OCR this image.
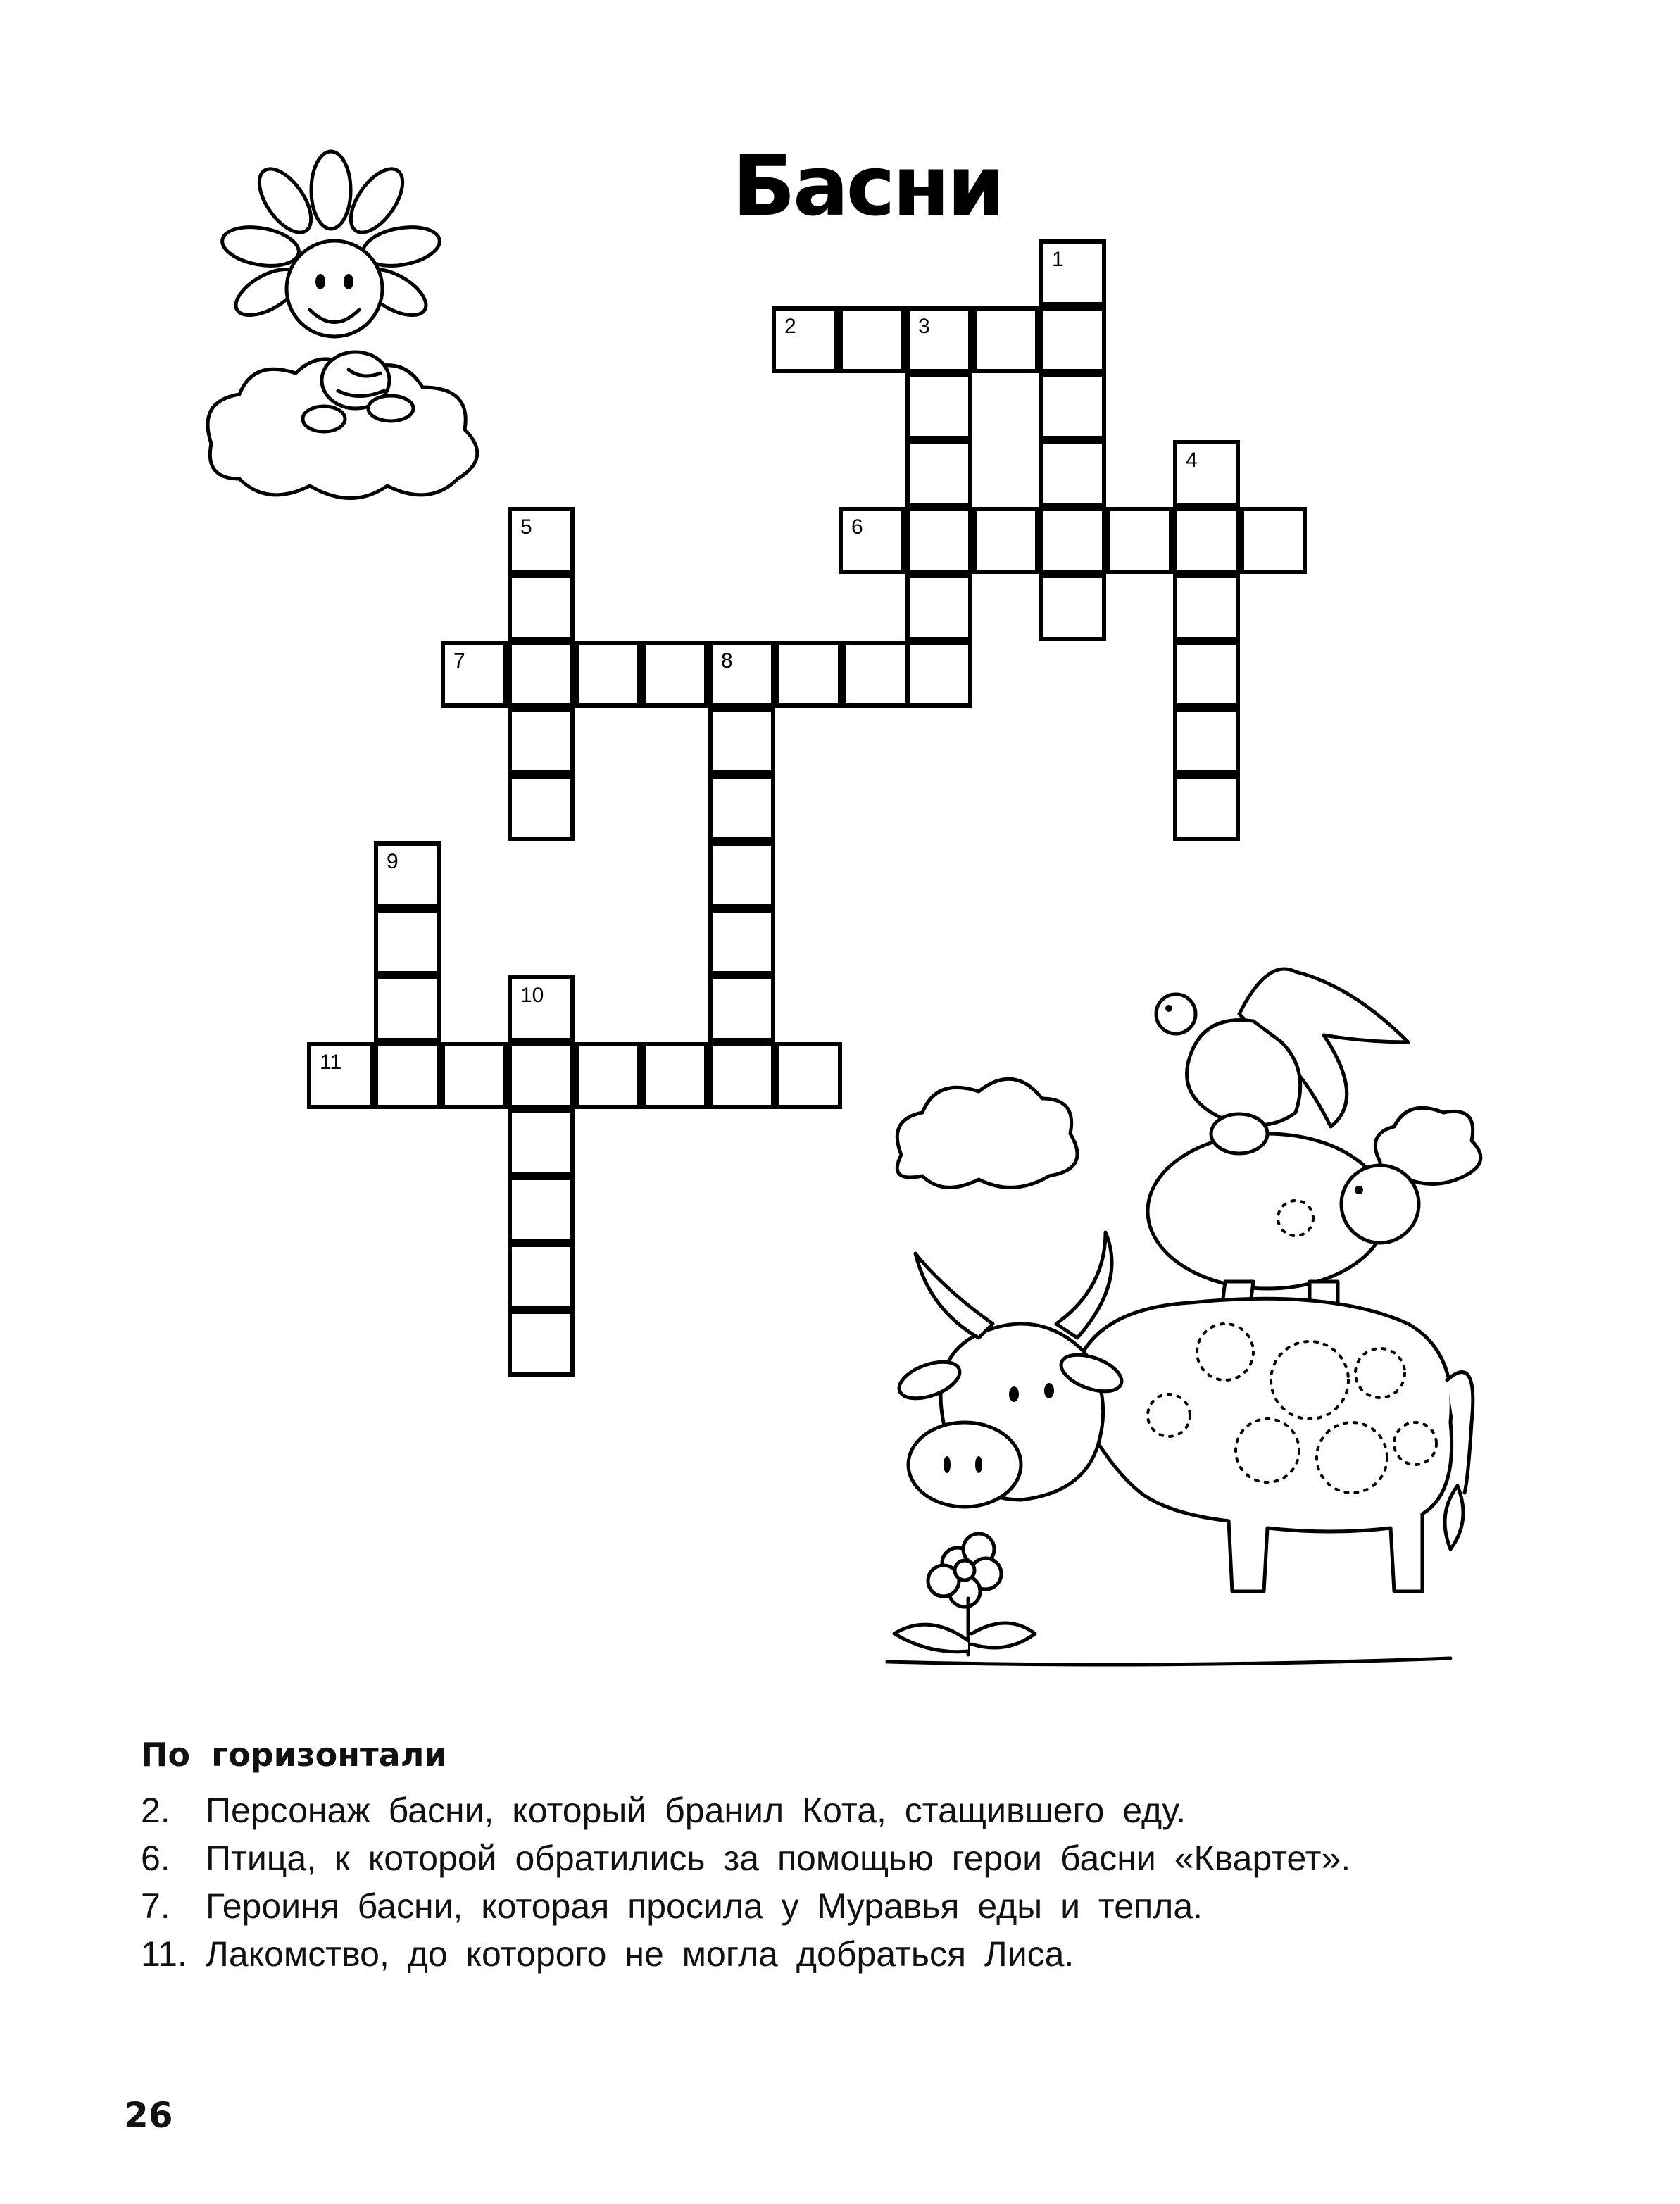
Басни
1
2	3
4
6
5
7	8
9
10
11
По горизонтали
2.	Персонаж басни, который бранил Кота, стащившего еду.
6.	Птица, к которой обратились за помощью герои басни «Квартет».
7.	Героиня басни, которая просила у Муравья еды и тепла.
11. Лакомство, до которого не могла добраться Лиса.
26
